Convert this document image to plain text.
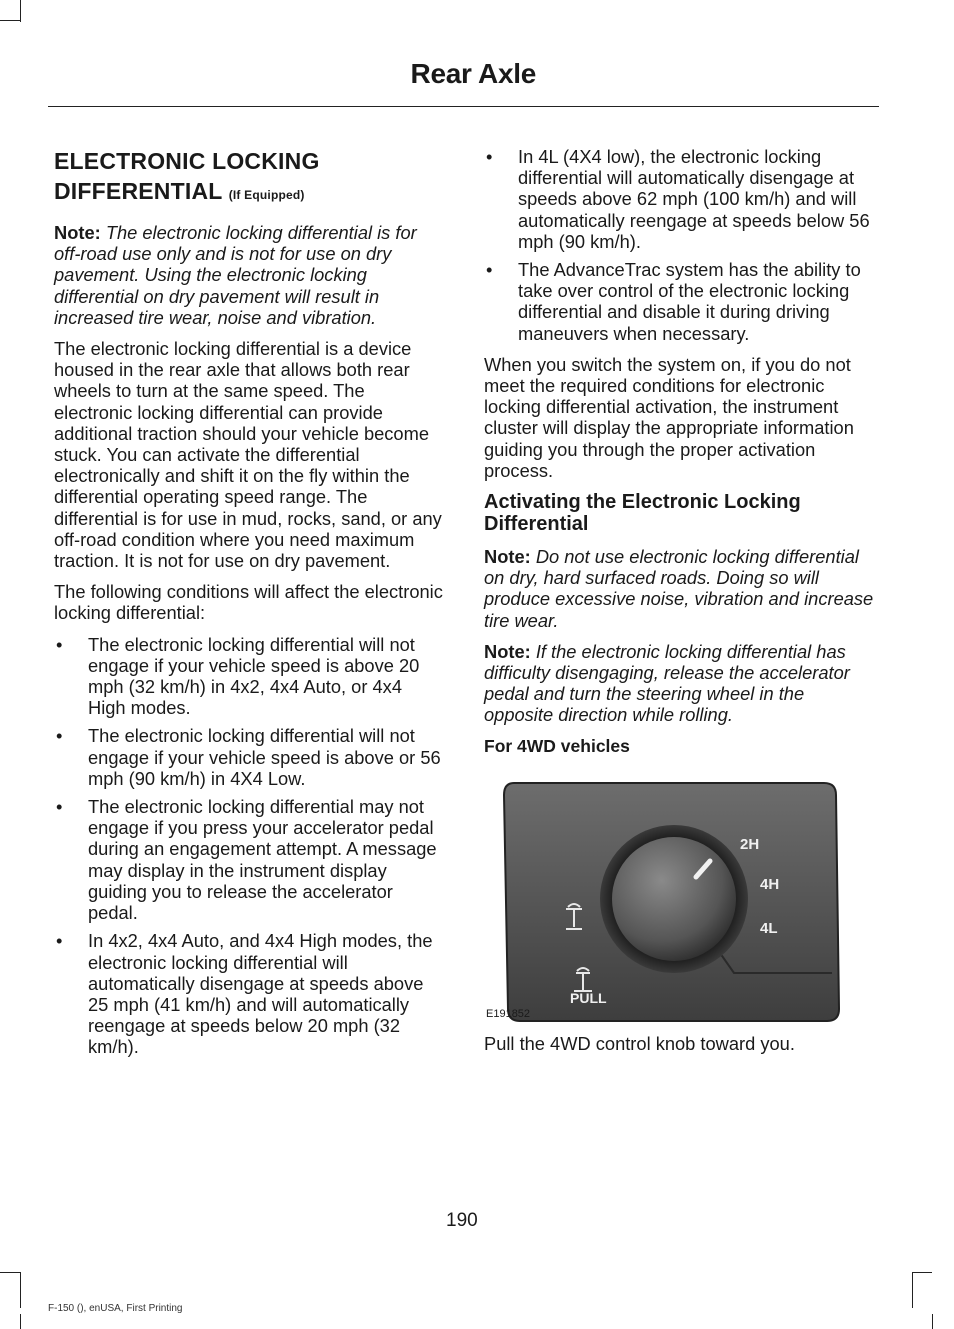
Rear Axle
ELECTRONIC LOCKING DIFFERENTIAL (If Equipped)

Note: The electronic locking differential is for off-road use only and is not for use on dry pavement. Using the electronic locking differential on dry pavement will result in increased tire wear, noise and vibration.

The electronic locking differential is a device housed in the rear axle that allows both rear wheels to turn at the same speed. The electronic locking differential can provide additional traction should your vehicle become stuck. You can activate the differential electronically and shift it on the fly within the differential operating speed range. The differential is for use in mud, rocks, sand, or any off-road condition where you need maximum traction. It is not for use on dry pavement.

The following conditions will affect the electronic locking differential:

• The electronic locking differential will not engage if your vehicle speed is above 20 mph (32 km/h) in 4x2, 4x4 Auto, or 4x4 High modes.
• The electronic locking differential will not engage if your vehicle speed is above or 56 mph (90 km/h) in 4X4 Low.
• The electronic locking differential may not engage if you press your accelerator pedal during an engagement attempt. A message may display in the instrument display guiding you to release the accelerator pedal.
• In 4x2, 4x4 Auto, and 4x4 High modes, the electronic locking differential will automatically disengage at speeds above 25 mph (41 km/h) and will automatically reengage at speeds below 20 mph (32 km/h).
• In 4L (4X4 low), the electronic locking differential will automatically disengage at speeds above 62 mph (100 km/h) and will automatically reengage at speeds below 56 mph (90 km/h).
• The AdvanceTrac system has the ability to take over control of the electronic locking differential and disable it during driving maneuvers when necessary.

When you switch the system on, if you do not meet the required conditions for electronic locking differential activation, the instrument cluster will display the appropriate information guiding you through the proper activation process.

Activating the Electronic Locking Differential

Note: Do not use electronic locking differential on dry, hard surfaced roads. Doing so will produce excessive noise, vibration and increase tire wear.

Note: If the electronic locking differential has difficulty disengaging, release the accelerator pedal and turn the steering wheel in the opposite direction while rolling.

For 4WD vehicles
2H
4H
4L
PULL
E191852

Pull the 4WD control knob toward you.

190
F-150 (), enUSA, First Printing
